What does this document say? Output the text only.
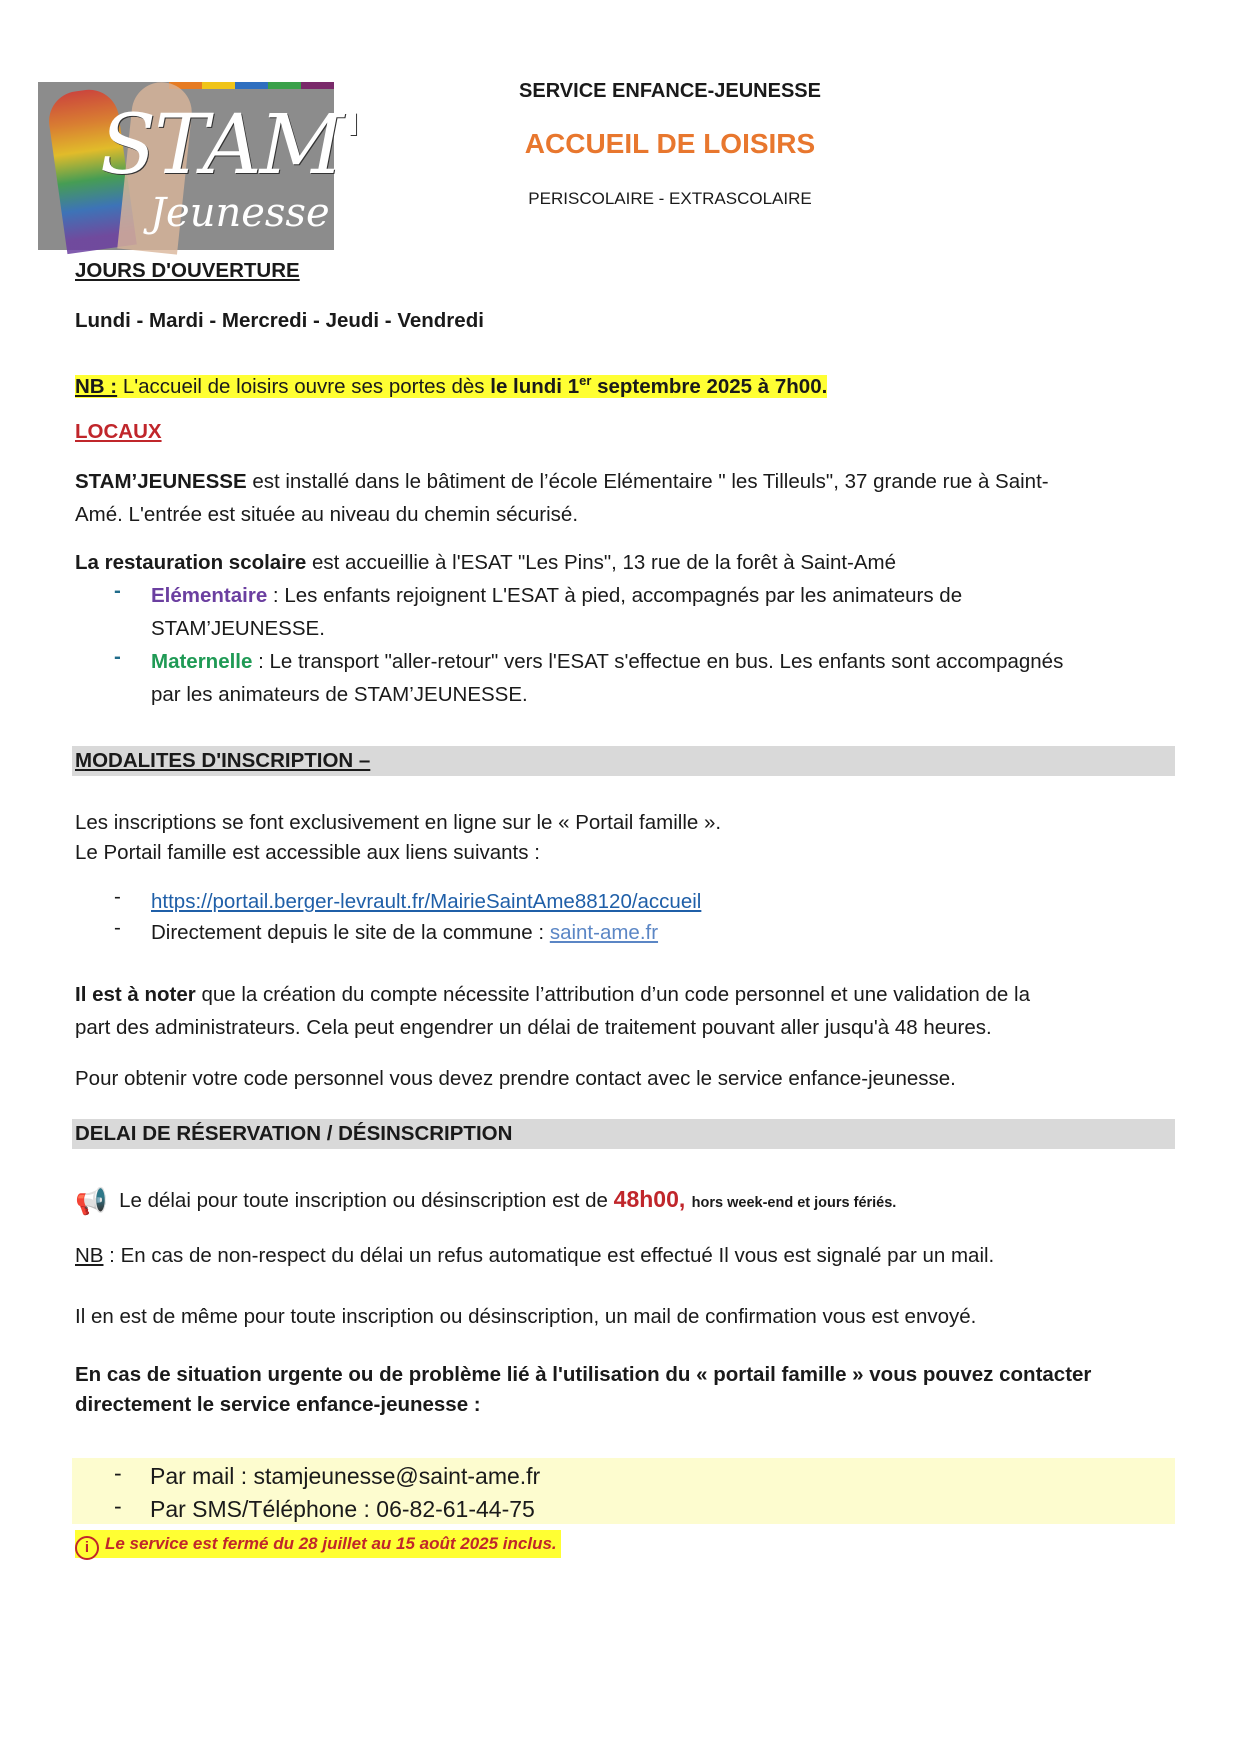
STAM'
Jeunesse
SERVICE ENFANCE-JEUNESSE
ACCUEIL DE LOISIRS
PERISCOLAIRE - EXTRASCOLAIRE
JOURS D'OUVERTURE
Lundi - Mardi - Mercredi - Jeudi - Vendredi
NB : L'accueil de loisirs ouvre ses portes dès le lundi 1er septembre 2025 à 7h00.
LOCAUX
STAM’JEUNESSE est installé dans le bâtiment de l’école Elémentaire " les Tilleuls", 37 grande rue à Saint-
Amé. L'entrée est située au niveau du chemin sécurisé.
La restauration scolaire est accueillie à l'ESAT "Les Pins", 13 rue de la forêt à Saint-Amé
- Elémentaire : Les enfants rejoignent L'ESAT à pied, accompagnés par les animateurs de
STAM’JEUNESSE.
- Maternelle : Le transport "aller-retour" vers l'ESAT s'effectue en bus. Les enfants sont accompagnés
par les animateurs de STAM’JEUNESSE.
MODALITES D'INSCRIPTION –
Les inscriptions se font exclusivement en ligne sur le « Portail famille ».
Le Portail famille est accessible aux liens suivants :
- https://portail.berger-levrault.fr/MairieSaintAme88120/accueil
- Directement depuis le site de la commune : saint-ame.fr
Il est à noter que la création du compte nécessite l’attribution d’un code personnel et une validation de la
part des administrateurs. Cela peut engendrer un délai de traitement pouvant aller jusqu'à 48 heures.
Pour obtenir votre code personnel vous devez prendre contact avec le service enfance-jeunesse.
DELAI DE RÉSERVATION / DÉSINSCRIPTION
📢 Le délai pour toute inscription ou désinscription est de 48h00, hors week-end et jours fériés.
NB : En cas de non-respect du délai un refus automatique est effectué Il vous est signalé par un mail.
Il en est de même pour toute inscription ou désinscription, un mail de confirmation vous est envoyé.
En cas de situation urgente ou de problème lié à l'utilisation du « portail famille » vous pouvez contacter
directement le service enfance-jeunesse :
- Par mail : stamjeunesse@saint-ame.fr
- Par SMS/Téléphone : 06-82-61-44-75
i Le service est fermé du 28 juillet au 15 août 2025 inclus.
